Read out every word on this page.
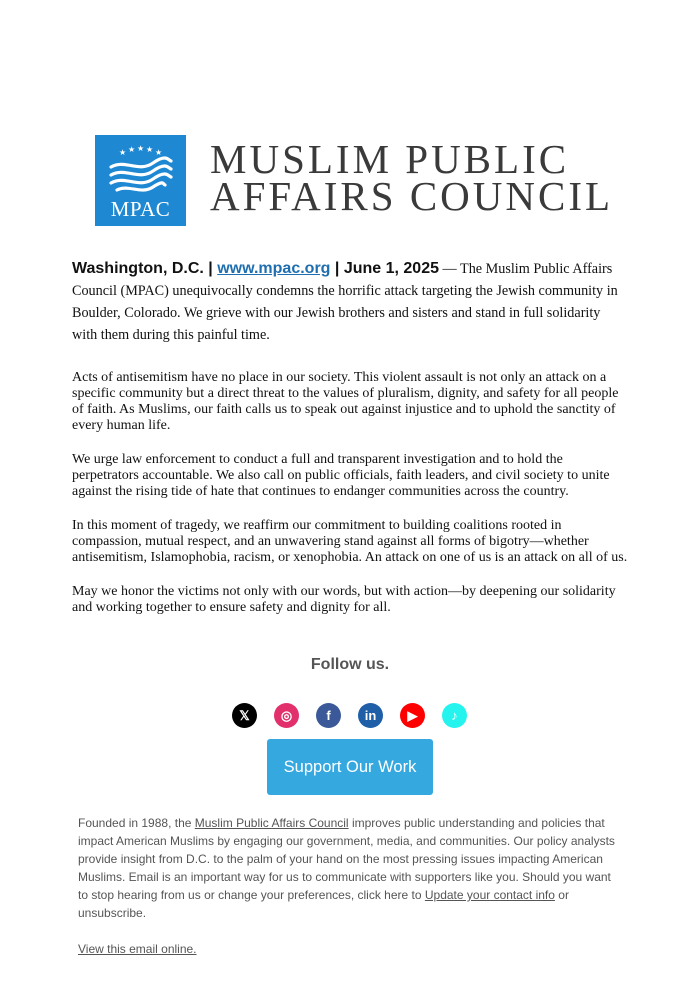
★ ★ ★ ★ ★
MPAC
MUSLIM PUBLIC
AFFAIRS COUNCIL

Washington, D.C. | www.mpac.org | June 1, 2025 — The Muslim Public Affairs Council (MPAC) unequivocally condemns the horrific attack targeting the Jewish community in Boulder, Colorado. We grieve with our Jewish brothers and sisters and stand in full solidarity with them during this painful time.

Acts of antisemitism have no place in our society. This violent assault is not only an attack on a specific community but a direct threat to the values of pluralism, dignity, and safety for all people of faith. As Muslims, our faith calls us to speak out against injustice and to uphold the sanctity of every human life.

We urge law enforcement to conduct a full and transparent investigation and to hold the perpetrators accountable. We also call on public officials, faith leaders, and civil society to unite against the rising tide of hate that continues to endanger communities across the country.

In this moment of tragedy, we reaffirm our commitment to building coalitions rooted in compassion, mutual respect, and an unwavering stand against all forms of bigotry—whether antisemitism, Islamophobia, racism, or xenophobia. An attack on one of us is an attack on all of us.

May we honor the victims not only with our words, but with action—by deepening our solidarity and working together to ensure safety and dignity for all.

Follow us.
𝕏 ◎	f	in ▶	♪
Support Our Work

Founded in 1988, the Muslim Public Affairs Council improves public understanding and policies that impact American Muslims by engaging our government, media, and communities. Our policy analysts provide insight from D.C. to the palm of your hand on the most pressing issues impacting American Muslims. Email is an important way for us to communicate with supporters like you. Should you want to stop hearing from us or change your preferences, click here to Update your contact info or unsubscribe.

View this email online.
